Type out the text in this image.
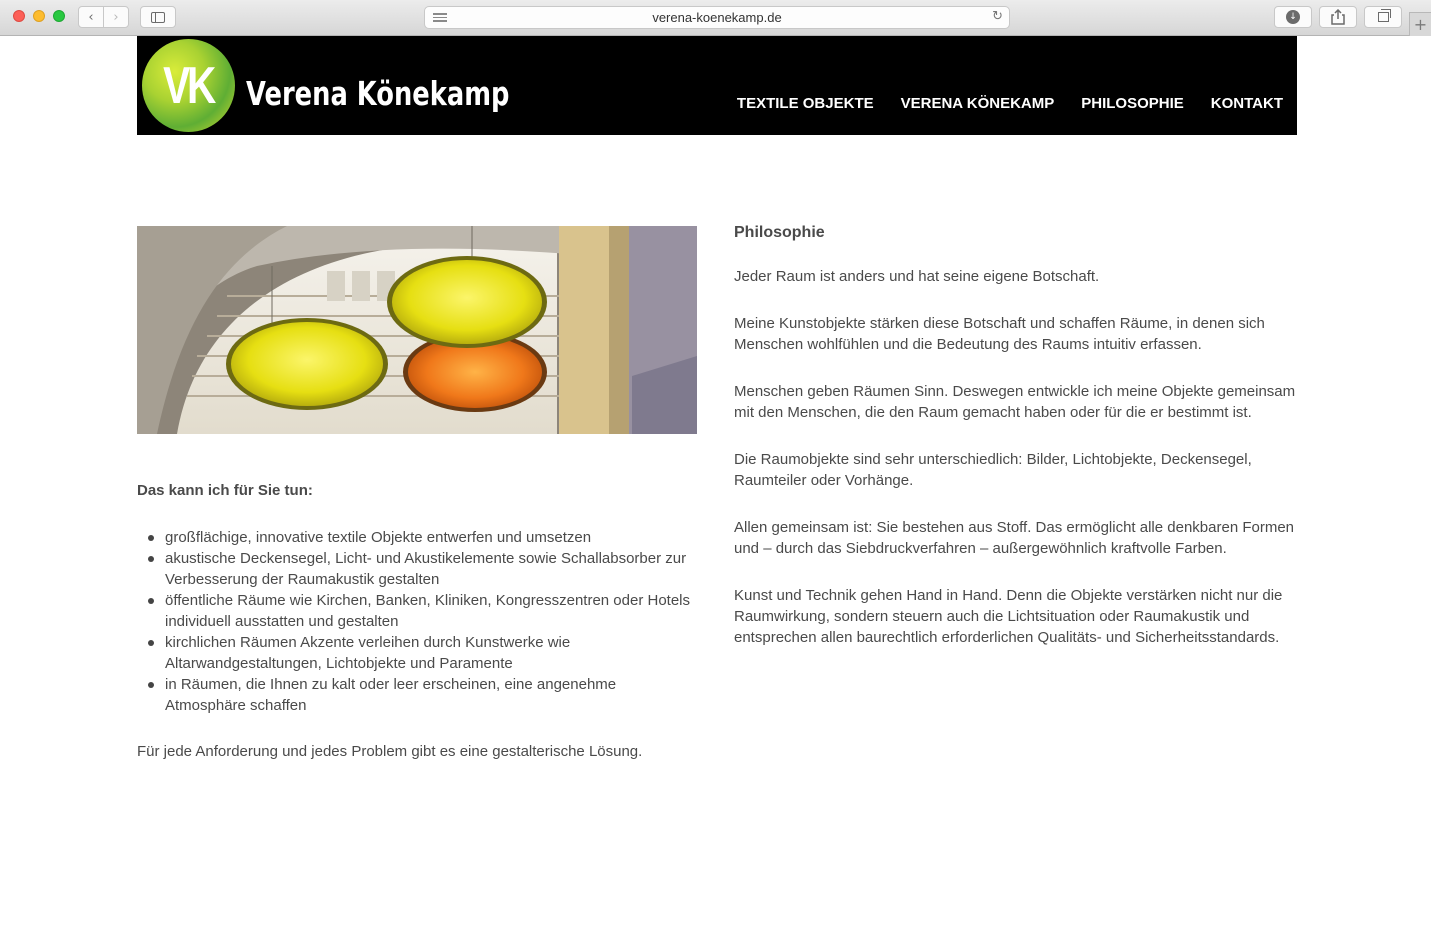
‹ ›	verena-koenekamp.de	↻	↓	+
VK Verena Könekamp	TEXTILE OBJEKTE VERENA KÖNEKAMP PHILOSOPHIE KONTAKT

Das kann ich für Sie tun:

großflächige, innovative textile Objekte entwerfen und umsetzen
akustische Deckensegel, Licht- und Akustikelemente sowie Schallabsorber zur Verbesserung der Raumakustik gestalten
öffentliche Räume wie Kirchen, Banken, Kliniken, Kongresszentren oder Hotels individuell ausstatten und gestalten
kirchlichen Räumen Akzente verleihen durch Kunstwerke wie Altarwandgestaltungen, Lichtobjekte und Paramente
in Räumen, die Ihnen zu kalt oder leer erscheinen, eine angenehme Atmosphäre schaffen

Für jede Anforderung und jedes Problem gibt es eine gestalterische Lösung.

Philosophie

Jeder Raum ist anders und hat seine eigene Botschaft.

Meine Kunstobjekte stärken diese Botschaft und schaffen Räume, in denen sich Menschen wohlfühlen und die Bedeutung des Raums intuitiv erfassen.

Menschen geben Räumen Sinn. Deswegen entwickle ich meine Objekte gemeinsam mit den Menschen, die den Raum gemacht haben oder für die er bestimmt ist.

Die Raumobjekte sind sehr unterschiedlich: Bilder, Lichtobjekte, Deckensegel, Raumteiler oder Vorhänge.

Allen gemeinsam ist: Sie bestehen aus Stoff. Das ermöglicht alle denkbaren Formen und – durch das Siebdruckverfahren – außergewöhnlich kraftvolle Farben.

Kunst und Technik gehen Hand in Hand. Denn die Objekte verstärken nicht nur die Raumwirkung, sondern steuern auch die Lichtsituation oder Raumakustik und entsprechen allen baurechtlich erforderlichen Qualitäts- und Sicherheitsstandards.
